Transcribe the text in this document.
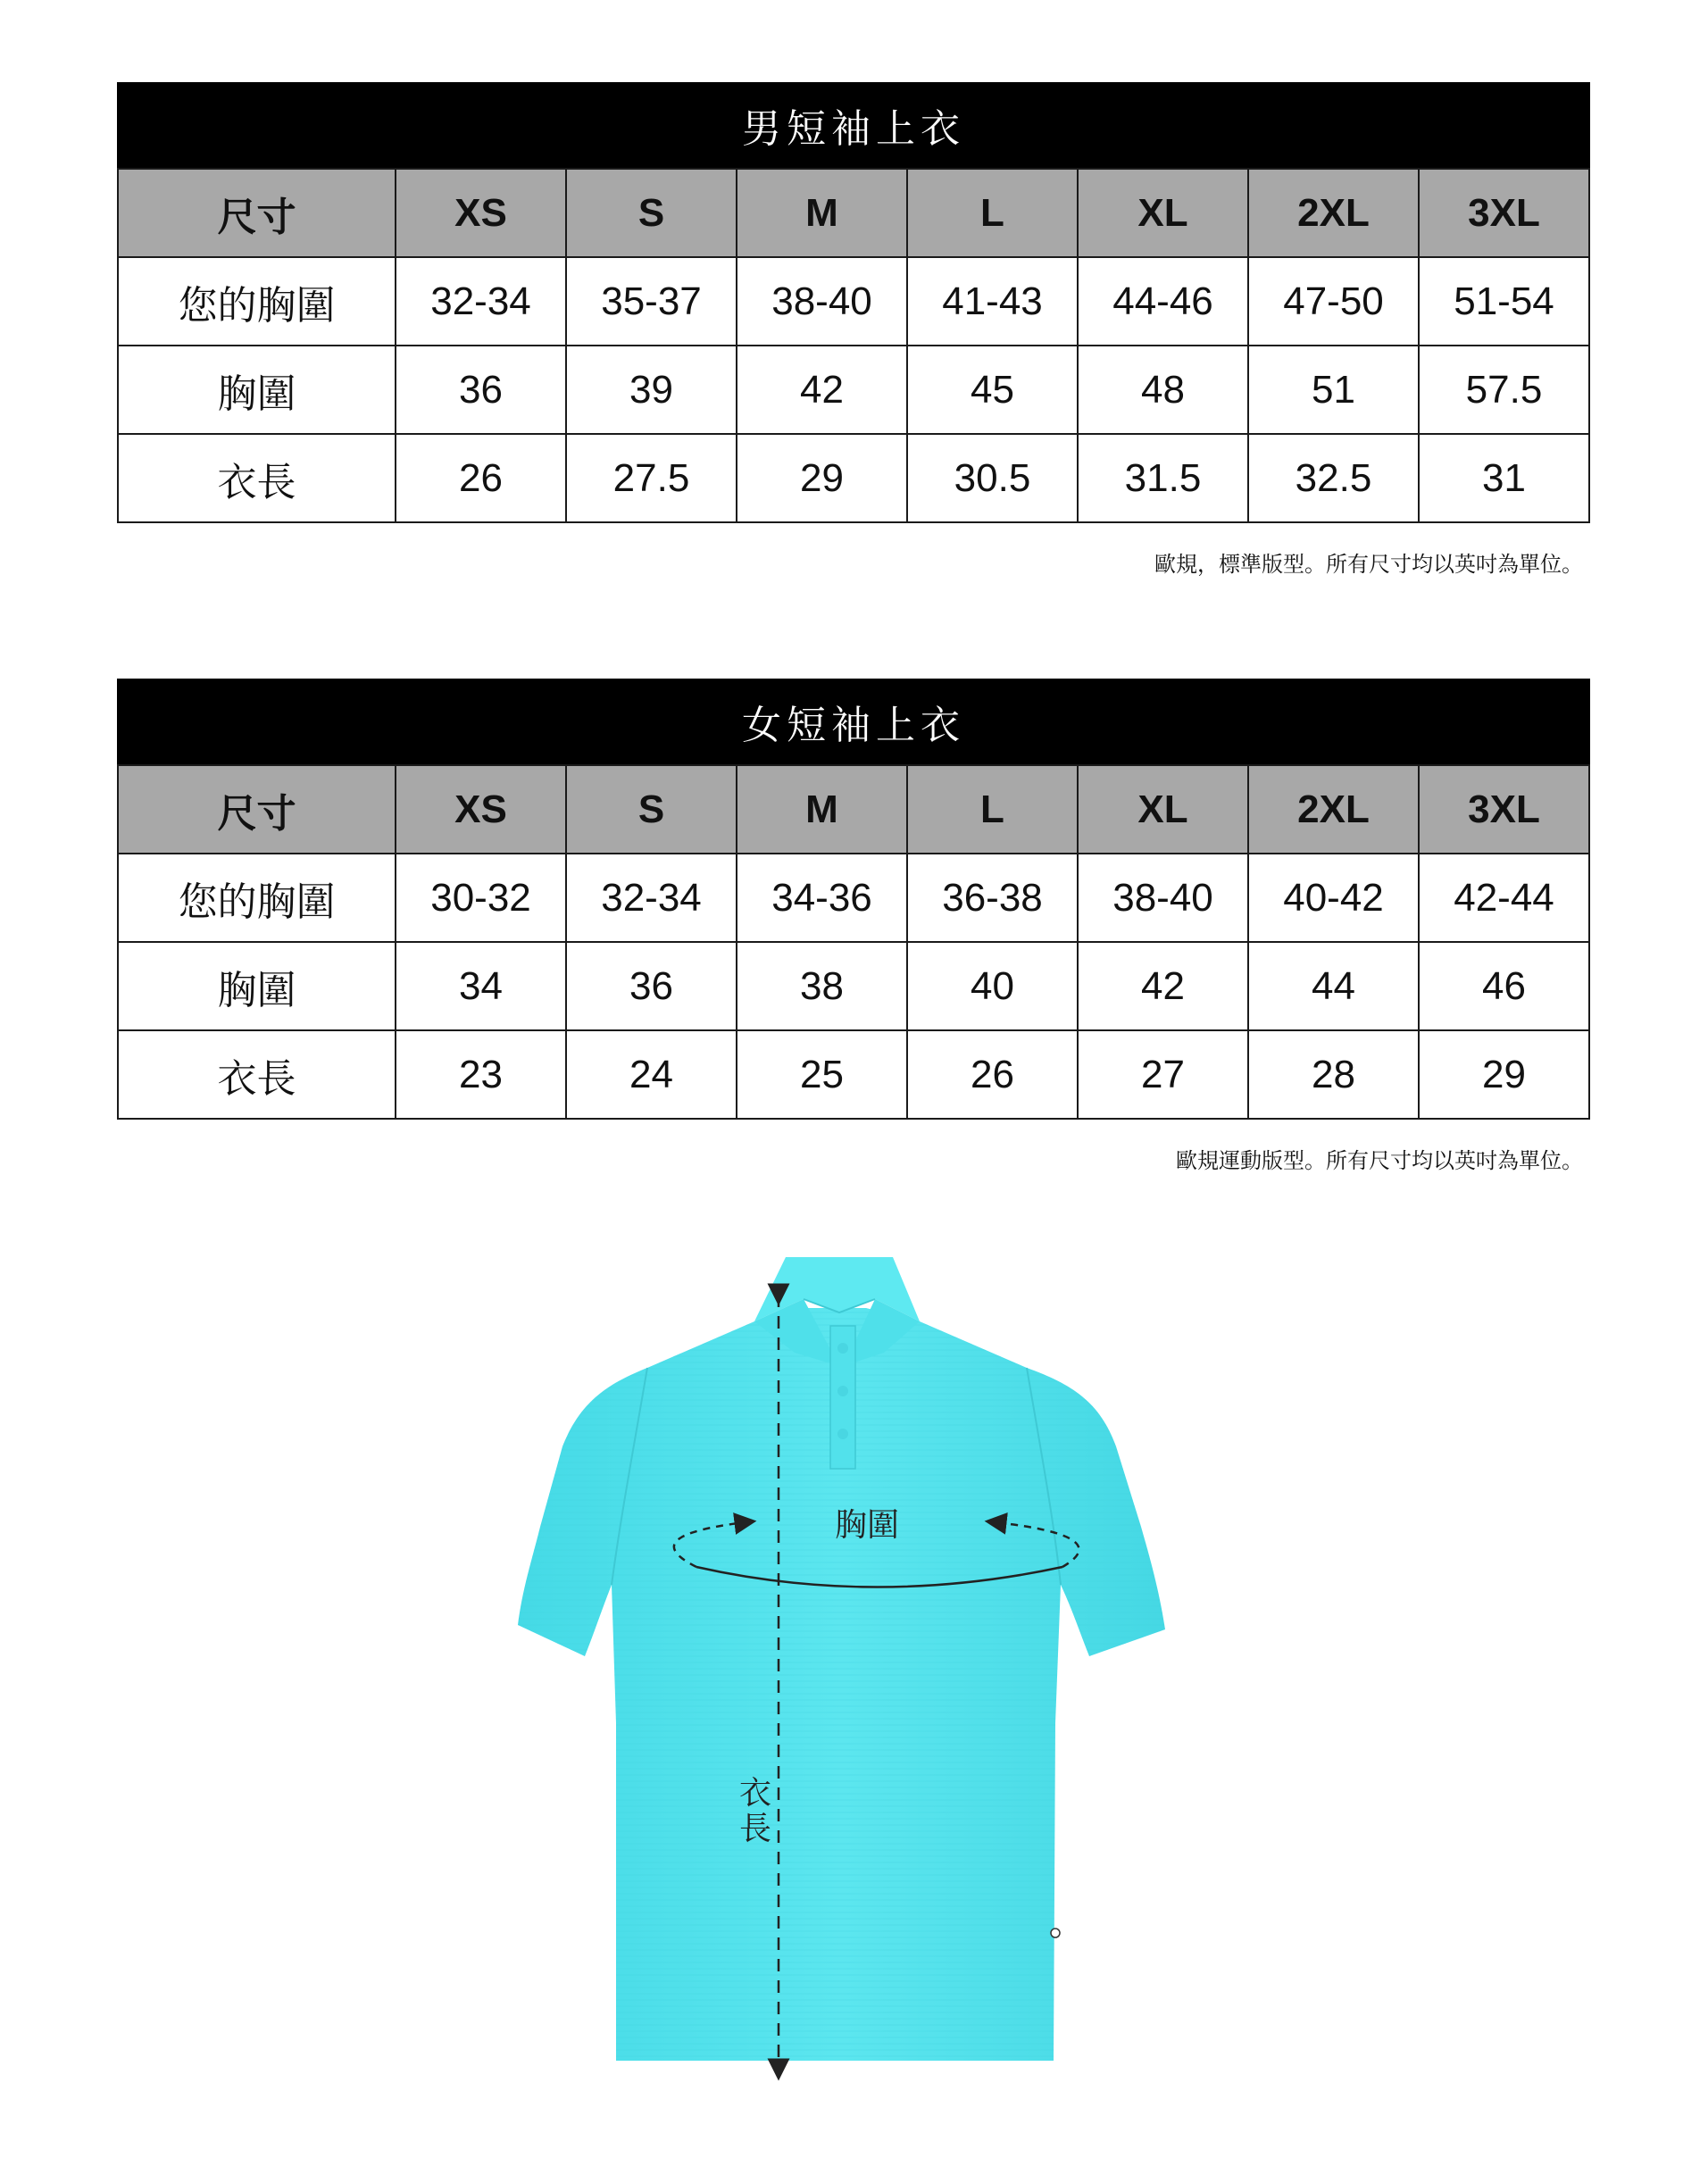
男短袖上衣
尺寸	XS	S	M	L	XL	2XL	3XL
您的胸圍	32-34	35-37	38-40	41-43	44-46	47-50	51-54
胸圍	36	39	42	45	48	51	57.5
衣長	26	27.5	29	30.5	31.5	32.5	31
歐規，標準版型。所有尺寸均以英吋為單位。
女短袖上衣
尺寸	XS	S	M	L	XL	2XL	3XL
您的胸圍	30-32	32-34	34-36	36-38	38-40	40-42	42-44
胸圍	34	36	38	40	42	44	46
衣長	23	24	25	26	27	28	29
歐規運動版型。所有尺寸均以英吋為單位。
衣
長
胸圍
